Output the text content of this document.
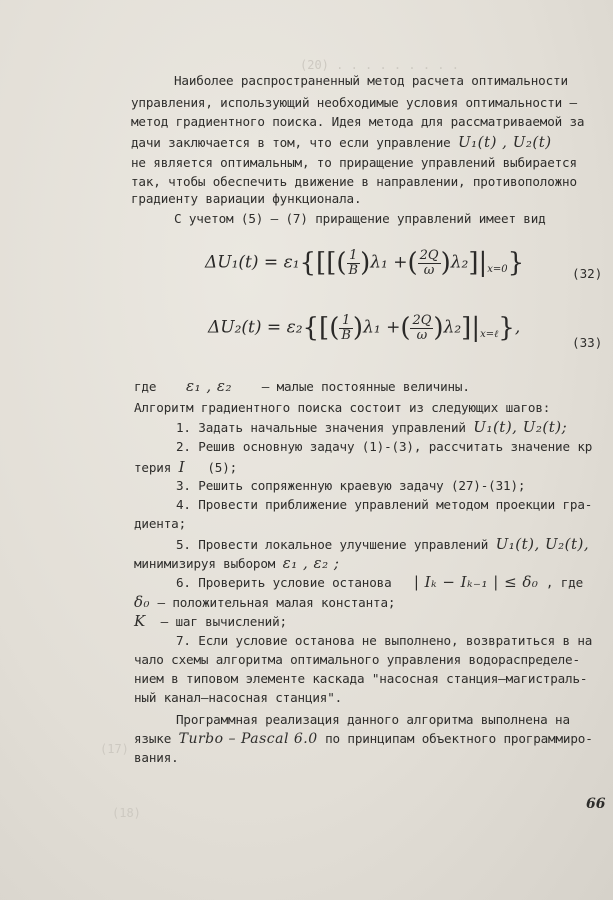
(20) . . . . . . . . .
(17)
(18)
Наиболее распространенный метод расчета оптимальности
управления, использующий необходимые условия оптимальности –
метод градиентного поиска. Идея метода для рассматриваемой за
дачи заключается в том, что если управление U₁(t) , U₂(t)
не является оптимальным, то приращение управлений выбирается
так, чтобы обеспечить движение в направлении, противоположно
градиенту вариации функционала.
С учетом (5) – (7) приращение управлений имеет вид
$\Delta U_1(t) = \varepsilon_1\{[[( \frac{1}{B} )\lambda_1$ +( $\frac{2Q}{\omega} )\lambda_2]|_{x=0}$}	(32)
$\Delta U_2(t) = \varepsilon_2\{[( \frac{1}{B} )\lambda_1$ +( $\frac{2Q}{\omega} )\lambda_2]|_{x=\ell}$},
(33)
где ε₁ , ε₂ – малые постоянные величины.
Алгоритм градиентного поиска состоит из следующих шагов:
1. Задать начальные значения управлений U₁(t), U₂(t);
2. Решив основную задачу (1)-(3), рассчитать значение кр
терия I (5);
3. Решить сопряженную краевую задачу (27)-(31);
4. Провести приближение управлений методом проекции гра-
диента;
5. Провести локальное улучшение управлений U₁(t), U₂(t),
минимизируя выбором ε₁ , ε₂ ;
6. Проверить условие останова | Iₖ − Iₖ₋₁ | ≤ δ₀ , где
δ₀ – положительная малая константа;
K – шаг вычислений;
7. Если условие останова не выполнено, возвратиться в на
чало схемы алгоритма оптимального управления водораспределе-
нием в типовом элементе каскада "насосная станция–магистраль-
ный канал–насосная станция".
Программная реализация данного алгоритма выполнена на
языке Turbo – Pascal 6.0 по принципам объектного программиро-
вания.
66
